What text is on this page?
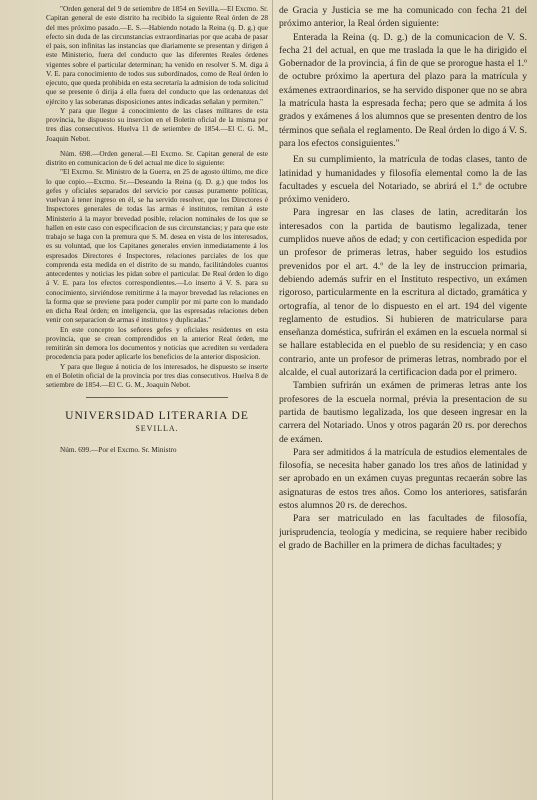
"Orden general del 9 de setiembre de 1854 en Sevilla.—El Excmo. Sr. Capitan general de este distrito ha recibido la siguiente Real órden de 28 del mes próximo pasado.—E. S.—Habiendo notado la Reina (q. D. g.) que efecto sin duda de las circunstancias extraordinarias por que acaba de pasar el pais, son infinitas las instancias que diariamente se presentan y dirigen á este Ministerio, fuera del conducto que las diferentes Reales órdenes vigentes sobre el particular determinan; ha venido en resolver S. M. diga á V. E. para conocimiento de todos sus subordinados, como de Real órden lo ejecuto, que queda prohibida en esta secretaría la admision de toda solicitud que se presente ó dirija á ella fuera del conducto que las ordenanzas del ejército y las soberanas disposiciones antes indicadas señalan y permiten."

Y para que llegue á conocimiento de las clases militares de esta provincia, he dispuesto su insercion en el Boletin oficial de la misma por tres dias consecutivos. Huelva 11 de setiembre de 1854.—El C. G. M., Joaquin Nebot.

Núm. 698.—Orden general.—El Excmo. Sr. Capitan general de este distrito en comunicacion de 6 del actual me dice lo siguiente:

"El Excmo. Sr. Ministro de la Guerra, en 25 de agosto último, me dice lo que copio.—Excmo. Sr.—Deseando la Reina (q. D. g.) que todos los gefes y oficiales separados del servicio por causas puramente políticas, vuelvan á tener ingreso en él, se ha servido resolver, que los Directores é Inspectores generales de todas las armas é institutos, remitan á este Ministerio á la mayor brevedad posible, relacion nominales de los que se hallen en este caso con especificacion de sus circunstancias; y para que este trabajo se haga con la premura que S. M. desea en vista de los interesados, es su voluntad, que los Capitanes generales envien inmediatamente á los espresados Directores é Inspectores, relaciones parciales de los que comprenda esta medida en el distrito de su mando, facilitándoles cuantos antecedentes y noticias les pidan sobre el particular. De Real órden lo digo á V. E. para los efectos correspondientes.—Lo inserto á V. S. para su conocimiento, sirviéndose remitirme á la mayor brevedad las relaciones en la forma que se previene para poder cumplir por mi parte con lo mandado en dicha Real órden; en inteligencia, que las espresadas relaciones deben venir con separacion de armas é institutos y duplicadas."

En este concepto los señores gefes y oficiales residentes en esta provincia, que se crean comprendidos en la anterior Real órden, me remitirán sin demora los documentos y noticias que acrediten su verdadera procedencia para poder aplicarle los beneficios de la anterior disposicion.

Y para que llegue á noticia de los interesados, he dispuesto se inserte en el Boletin oficial de la provincia por tres dias consecutivos. Huelva 8 de setiembre de 1854.—El C. G. M., Joaquin Nebot.

UNIVERSIDAD LITERARIA DE
SEVILLA.

Núm. 699.—Por el Excmo. Sr. Ministro

de Gracia y Justicia se me ha comunicado con fecha 21 del próximo anterior, la Real órden siguiente:

Enterada la Reina (q. D. g.) de la comunicacion de V. S. fecha 21 del actual, en que me traslada la que le ha dirigido el Gobernador de la provincia, á fin de que se prorogue hasta el 1.º de octubre próximo la apertura del plazo para la matrícula y exámenes extraordinarios, se ha servido disponer que no se abra la matrícula hasta la espresada fecha; pero que se admita á los grados y exámenes á los alumnos que se presenten dentro de los términos que señala el reglamento. De Real órden lo digo á V. S. para los efectos consiguientes."

En su cumplimiento, la matrícula de todas clases, tanto de latinidad y humanidades y filosofía elemental como la de las facultades y escuela del Notariado, se abrirá el 1.º de octubre próximo venidero.

Para ingresar en las clases de latin, acreditarán los interesados con la partida de bautismo legalizada, tener cumplidos nueve años de edad; y con certificacion espedida por un profesor de primeras letras, haber seguido los estudios prevenidos por el art. 4.º de la ley de instruccion primaria, debiendo además sufrir en el Instituto respectivo, un exámen rigoroso, particularmente en la escritura al dictado, gramática y ortografía, al tenor de lo dispuesto en el art. 194 del vigente reglamento de estudios. Si hubieren de matricularse para enseñanza doméstica, sufrirán el exámen en la escuela normal si se hallare establecida en el pueblo de su residencia; y en caso contrario, ante un profesor de primeras letras, nombrado por el alcalde, el cual autorizará la certificacion dada por el primero.

Tambien sufrirán un exámen de primeras letras ante los profesores de la escuela normal, prévia la presentacion de su partida de bautismo legalizada, los que deseen ingresar en la carrera del Notariado. Unos y otros pagarán 20 rs. por derechos de exámen.

Para ser admitidos á la matrícula de estudios elementales de filosofía, se necesita haber ganado los tres años de latinidad y ser aprobado en un exámen cuyas preguntas recaerán sobre las asignaturas de estos tres años. Como los anteriores, satisfarán estos alumnos 20 rs. de derechos.

Para ser matriculado en las facultades de filosofía, jurisprudencia, teología y medicina, se requiere haber recibido el grado de Bachiller en la primera de dichas facultades; y
